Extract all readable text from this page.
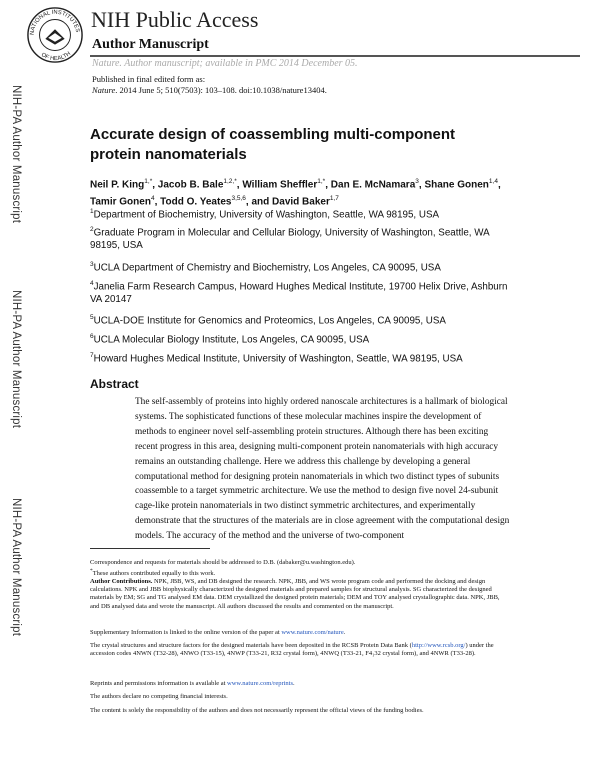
NATIONAL INSTITUTES
OF HEALTH
NIH Public Access
Author Manuscript
Nature. Author manuscript; available in PMC 2014 December 05.
Published in final edited form as:
Nature. 2014 June 5; 510(7503): 103–108. doi:10.1038/nature13404.
NIH-PA Author Manuscript
NIH-PA Author Manuscript
NIH-PA Author Manuscript
Accurate design of coassembling multi-component protein nanomaterials
Neil P. King$^{1,*}$, Jacob B. Bale$^{1,2,*}$, William Sheffler$^{1,*}$, Dan E. McNamara$^3$, Shane Gonen$^{1,4}$, Tamir Gonen$^4$, Todd O. Yeates$^{3,5,6}$, and David Baker$^{1,7}$
$^1$Department of Biochemistry, University of Washington, Seattle, WA 98195, USA
$^2$Graduate Program in Molecular and Cellular Biology, University of Washington, Seattle, WA 98195, USA
$^3$UCLA Department of Chemistry and Biochemistry, Los Angeles, CA 90095, USA
$^4$Janelia Farm Research Campus, Howard Hughes Medical Institute, 19700 Helix Drive, Ashburn VA 20147
$^5$UCLA-DOE Institute for Genomics and Proteomics, Los Angeles, CA 90095, USA
$^6$UCLA Molecular Biology Institute, Los Angeles, CA 90095, USA
$^7$Howard Hughes Medical Institute, University of Washington, Seattle, WA 98195, USA
Abstract
The self-assembly of proteins into highly ordered nanoscale architectures is a hallmark of biological systems. The sophisticated functions of these molecular machines inspire the development of methods to engineer novel self-assembling protein structures. Although there has been exciting recent progress in this area, designing multi-component protein nanomaterials with high accuracy remains an outstanding challenge. Here we address this challenge by developing a general computational method for designing protein nanomaterials in which two distinct types of subunits coassemble to a target symmetric architecture. We use the method to design five novel 24-subunit cage-like protein nanomaterials in two distinct symmetric architectures, and experimentally demonstrate that the structures of the materials are in close agreement with the computational design models. The accuracy of the method and the universe of two-component
Correspondence and requests for materials should be addressed to D.B. (dabaker@u.washington.edu).
*These authors contributed equally to this work.
Author Contributions. NPK, JBB, WS, and DB designed the research. NPK, JBB, and WS wrote program code and performed the docking and design calculations. NPK and JBB biophysically characterized the designed materials and prepared samples for structural analysis. SG characterized the designed materials by EM; SG and TG analysed EM data. DEM crystallized the designed protein materials; DEM and TOY analysed crystallographic data. NPK, JBB, and DB analysed data and wrote the manuscript. All authors discussed the results and commented on the manuscript.
Supplementary Information is linked to the online version of the paper at www.nature.com/nature.
The crystal structures and structure factors for the designed materials have been deposited in the RCSB Protein Data Bank (http://www.rcsb.org/) under the accession codes 4NWN (T32-28), 4NWO (T33-15), 4NWP (T33-21, R32 crystal form), 4NWQ (T33-21, F4₁32 crystal form), and 4NWR (T33-28).
Reprints and permissions information is available at www.nature.com/reprints.
The authors declare no competing financial interests.
The content is solely the responsibility of the authors and does not necessarily represent the official views of the funding bodies.
